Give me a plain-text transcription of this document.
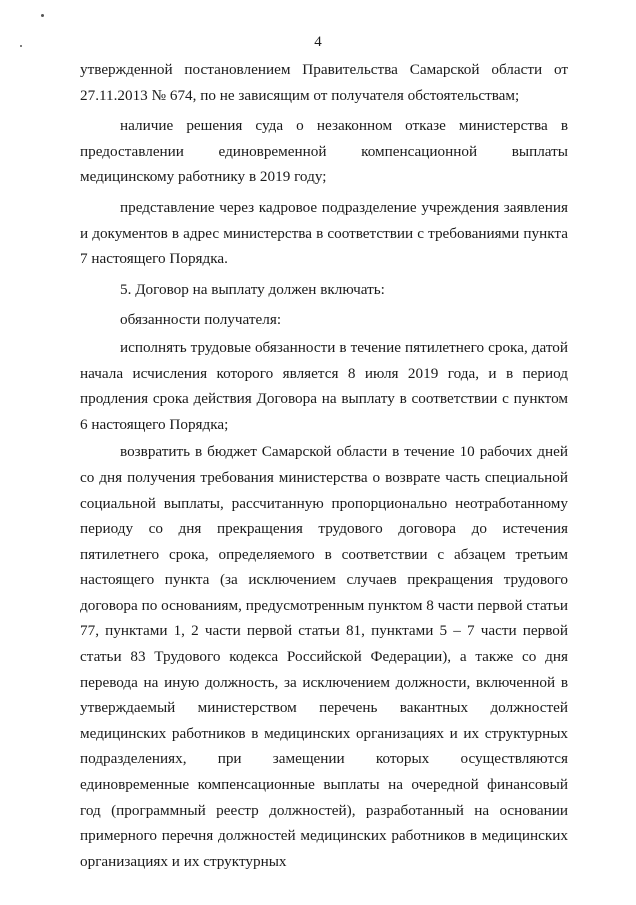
4

утвержденной постановлением Правительства Самарской области от 27.11.2013 № 674, по не зависящим от получателя обстоятельствам;

наличие решения суда о незаконном отказе министерства в предоставлении единовременной компенсационной выплаты медицинскому работнику в 2019 году;

представление через кадровое подразделение учреждения заявления и документов в адрес министерства в соответствии с требованиями пункта 7 настоящего Порядка.

5. Договор на выплату должен включать:

обязанности получателя:

исполнять трудовые обязанности в течение пятилетнего срока, датой начала исчисления которого является 8 июля 2019 года, и в период продления срока действия Договора на выплату в соответствии с пунктом 6 настоящего Порядка;

возвратить в бюджет Самарской области в течение 10 рабочих дней со дня получения требования министерства о возврате часть специальной социальной выплаты, рассчитанную пропорционально неотработанному периоду со дня прекращения трудового договора до истечения пятилетнего срока, определяемого в соответствии с абзацем третьим настоящего пункта (за исключением случаев прекращения трудового договора по основаниям, предусмотренным пунктом 8 части первой статьи 77, пунктами 1, 2 части первой статьи 81, пунктами 5 – 7 части первой статьи 83 Трудового кодекса Российской Федерации), а также со дня перевода на иную должность, за исключением должности, включенной в утверждаемый министерством перечень вакантных должностей медицинских работников в медицинских организациях и их структурных подразделениях, при замещении которых осуществляются единовременные компенсационные выплаты на очередной финансовый год (программный реестр должностей), разработанный на основании примерного перечня должностей медицинских работников в медицинских организациях и их структурных
